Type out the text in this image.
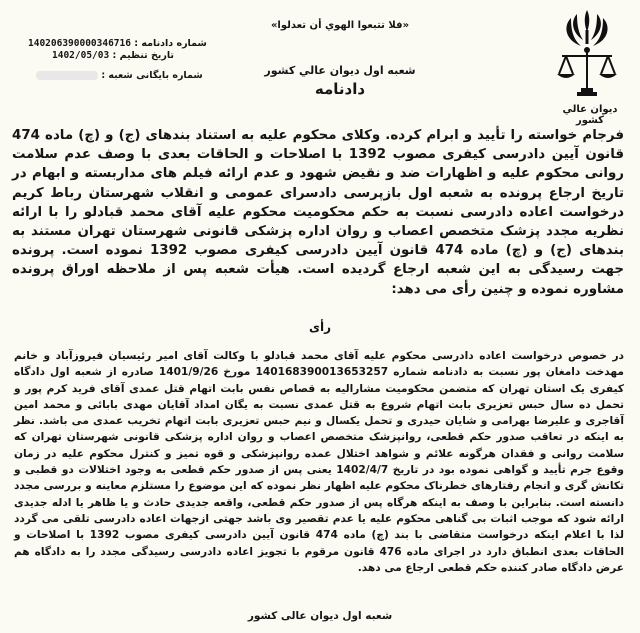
ديوان عالي كشور
«فلا تتبعوا الهوي أن تعدلوا»
شعبه اول ديوان عالي كشور
دادنامه
شماره دادنامه : 140206390000346716
تاریخ تنظیم : 1402/05/03
شماره بایگانی شعبه :

فرجام خواسته را تأیید و ابرام کرده. وکلای محکوم علیه به استناد بندهای (ج) و (چ) ماده 474 قانون آیین دادرسی کیفری مصوب 1392 با اصلاحات و الحاقات بعدی با وصف عدم سلامت روانی محکوم علیه و اظهارات ضد و نقیض شهود و عدم ارائه فیلم های مداربسته و ابهام در تاریخ ارجاع پرونده به شعبه اول بازپرسی دادسرای عمومی و انقلاب شهرستان رباط کریم درخواست اعاده دادرسی نسبت به حکم محکومیت محکوم علیه آقای محمد قبادلو را با ارائه نظریه مجدد پزشک متخصص اعصاب و روان اداره پزشکی قانونی شهرستان تهران مستند به بندهای (ج) و (چ) ماده 474 قانون آیین دادرسی کیفری مصوب 1392 نموده است. پرونده جهت رسیدگی به این شعبه ارجاع گردیده است. هیأت شعبه پس از ملاحظه اوراق پرونده مشاوره نموده و چنین رأی می دهد:

رأی

در خصوص درخواست اعاده دادرسی محکوم علیه آقای محمد قبادلو با وکالت آقای امیر رئیسیان فیروزآباد و خانم مهدخت دامغان پور نسبت به دادنامه شماره 140168390013653257 مورخ 1401/9/26 صادره از شعبه اول دادگاه کیفری یک استان تهران که متضمن محکومیت مشارالیه به قصاص نفس بابت اتهام قتل عمدی آقای فرید کرم پور و تحمل ده سال حبس تعزیری بابت اتهام شروع به قتل عمدی نسبت به یگان امداد آقایان مهدی بابائی و محمد امین آقاجری و علیرضا بهرامی و شایان حیدری و تحمل یکسال و نیم حبس تعزیری بابت اتهام تخریب عمدی می باشد. نظر به اینکه در تعاقب صدور حکم قطعی، روانپزشک متخصص اعصاب و روان اداره پزشکی قانونی شهرستان تهران که سلامت روانی و فقدان هرگونه علائم و شواهد اختلال عمده روانپزشکی و قوه تمیز و کنترل محکوم علیه در زمان وقوع جرم تأیید و گواهی نموده بود در تاریخ 1402/4/7 یعنی پس از صدور حکم قطعی به وجود اختلالات دو قطبی و تکانش گری و انجام رفتارهای خطرناک محکوم علیه اظهار نظر نموده که این موضوع را مستلزم معاینه و بررسی مجدد دانسته است. بنابراین با وصف به اینکه هرگاه پس از صدور حکم قطعی، واقعه جدیدی حادث و یا ظاهر یا ادله جدیدی ارائه شود که موجب اثبات بی گناهی محکوم علیه یا عدم تقصیر وی باشد جهتی ازجهات اعاده دادرسی تلقی می گردد لذا با اعلام اینکه درخواست متقاضی با بند (چ) ماده 474 قانون آیین دادرسی کیفری مصوب 1392 با اصلاحات و الحاقات بعدی انطباق دارد در اجرای ماده 476 قانون مرقوم با تجویز اعاده دادرسی رسیدگی مجدد را به دادگاه هم عرض دادگاه صادر کننده حکم قطعی ارجاع می دهد.

شعبه اول دیوان عالی کشور
